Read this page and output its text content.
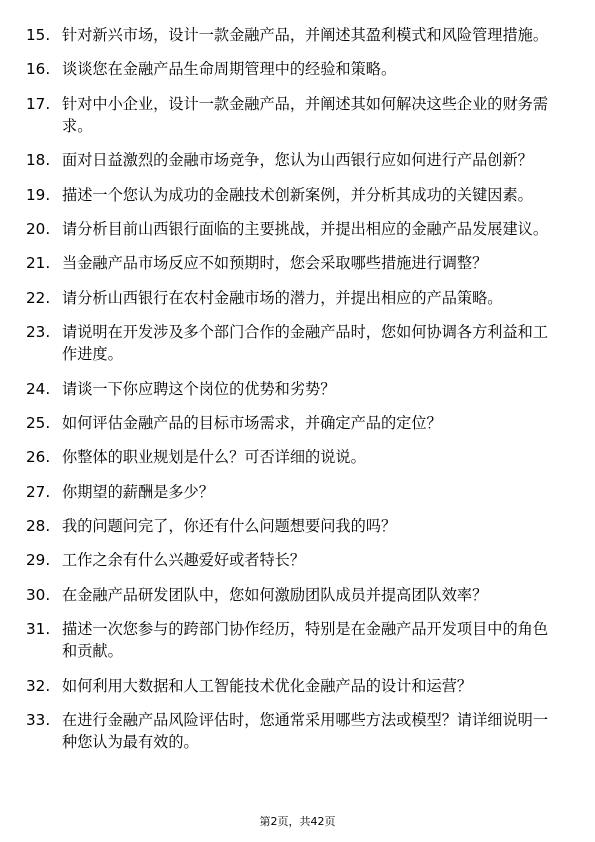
15. 针对新兴市场，设计一款金融产品，并阐述其盈利模式和风险管理措施。
16. 谈谈您在金融产品生命周期管理中的经验和策略。
17. 针对中小企业，设计一款金融产品，并阐述其如何解决这些企业的财务需求。
18. 面对日益激烈的金融市场竞争，您认为山西银行应如何进行产品创新？
19. 描述一个您认为成功的金融技术创新案例，并分析其成功的关键因素。
20. 请分析目前山西银行面临的主要挑战，并提出相应的金融产品发展建议。
21. 当金融产品市场反应不如预期时，您会采取哪些措施进行调整？
22. 请分析山西银行在农村金融市场的潜力，并提出相应的产品策略。
23. 请说明在开发涉及多个部门合作的金融产品时，您如何协调各方利益和工作进度。
24. 请谈一下你应聘这个岗位的优势和劣势？
25. 如何评估金融产品的目标市场需求，并确定产品的定位？
26. 你整体的职业规划是什么？可否详细的说说。
27. 你期望的薪酬是多少？
28. 我的问题问完了，你还有什么问题想要问我的吗？
29. 工作之余有什么兴趣爱好或者特长？
30. 在金融产品研发团队中，您如何激励团队成员并提高团队效率？
31. 描述一次您参与的跨部门协作经历，特别是在金融产品开发项目中的角色和贡献。
32. 如何利用大数据和人工智能技术优化金融产品的设计和运营？
33. 在进行金融产品风险评估时，您通常采用哪些方法或模型？请详细说明一种您认为最有效的。
第2页，共42页
